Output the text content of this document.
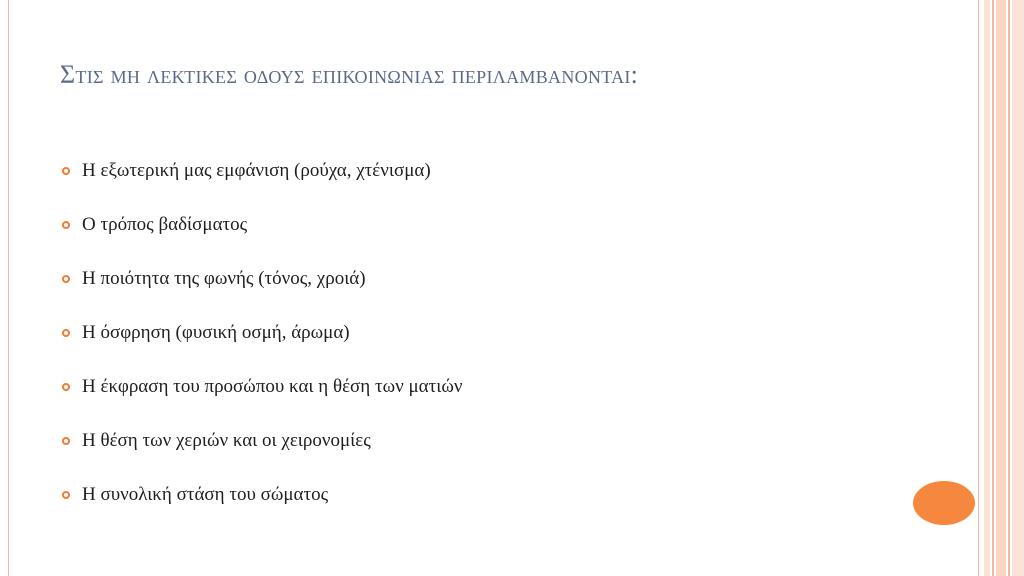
Στις μη λεκτικες οδους επικοινωνιας περιλαμβανονται:
Η εξωτερική μας εμφάνιση (ρούχα, χτένισμα)
Ο τρόπος βαδίσματος
Η ποιότητα της φωνής (τόνος, χροιά)
Η όσφρηση (φυσική οσμή, άρωμα)
Η έκφραση του προσώπου και η θέση των ματιών
Η θέση των χεριών και οι χειρονομίες
Η συνολική στάση του σώματος
